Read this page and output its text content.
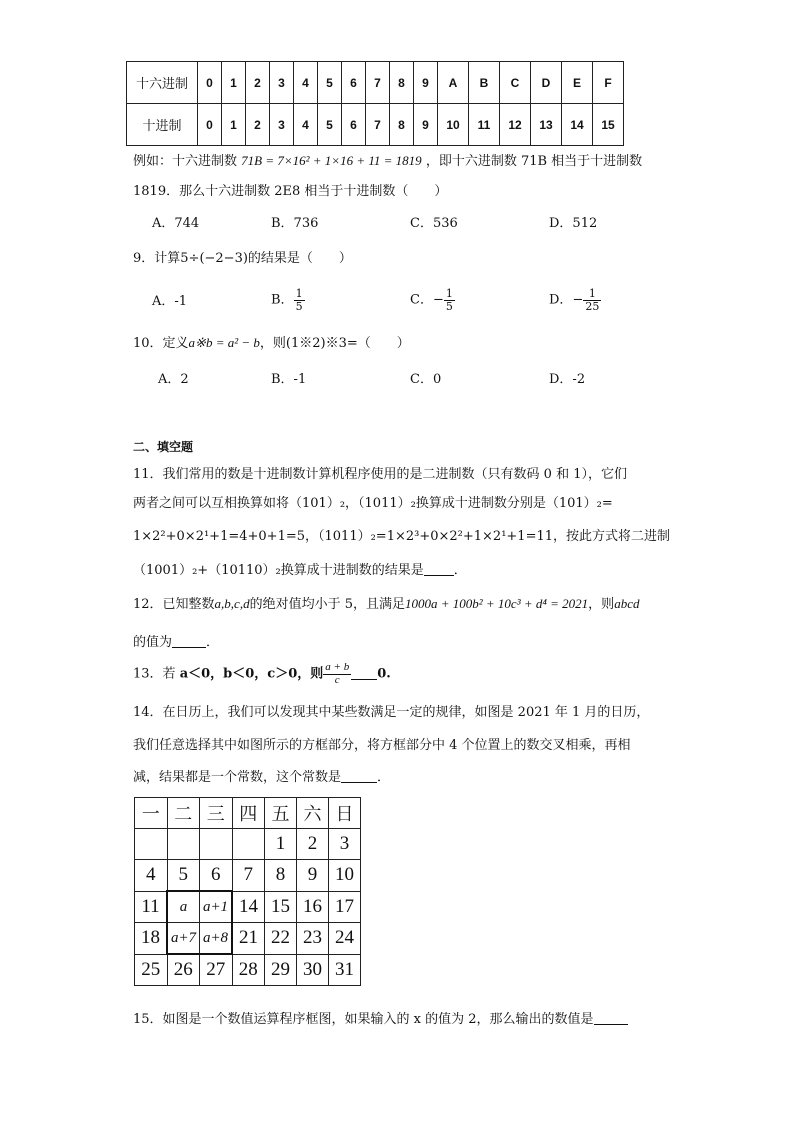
十六进制	0	1	2	3	4	5	6	7	8	9	A	B	C	D	E	F
十进制	0	1	2	3	4	5	6	7	8	9	10	11	12	13	14	15
例如：十六进制数 71B = 7×16² + 1×16 + 11 = 1819 ，即十六进制数 71B 相当于十进制数
1819．那么十六进制数 2E8 相当于十进制数（　　）
A．744	B．736	C．536	D．512
9．计算5÷(−2−3)的结果是（　　）
A．-1	B． $\frac{1}{5}$	C．− $\frac{1}{5}$	D．− $\frac{1}{25}$
10．定义a※b = a² − b，则(1※2)※3=（　　）
A．2	B．-1	C．0	D．-2
二、填空题
11．我们常用的数是十进制数计算机程序使用的是二进制数（只有数码 0 和 1），它们
两者之间可以互相换算如将（101）₂，（1011）₂换算成十进制数分别是（101）₂=
1×2²+0×2¹+1=4+0+1=5，（1011）₂=1×2³+0×2²+1×2¹+1=11，按此方式将二进制
（1001）₂+（10110）₂换算成十进制数的结果是 ．
12．已知整数a,b,c,d的绝对值均小于 5，且满足1000a + 100b² + 10c³ + d⁴ = 2021，则abcd
的值为	．
13．若 a＜0，b＜0，c＞0，则 $\frac{a + b}{c} 0$.
14．在日历上，我们可以发现其中某些数满足一定的规律，如图是 2021 年 1 月的日历，
我们任意选择其中如图所示的方框部分，将方框部分中 4 个位置上的数交叉相乘，再相
减，结果都是一个常数，这个常数是	．
一	二	三	四	五	六	日
				1	2	3
4	5	6	7	8	9	10
11	a	a+1	14	15	16	17
18	a+7	a+8	21	22	23	24
25	26	27	28	29	30	31
15．如图是一个数值运算程序框图，如果输入的 x 的值为 2，那么输出的数值是
